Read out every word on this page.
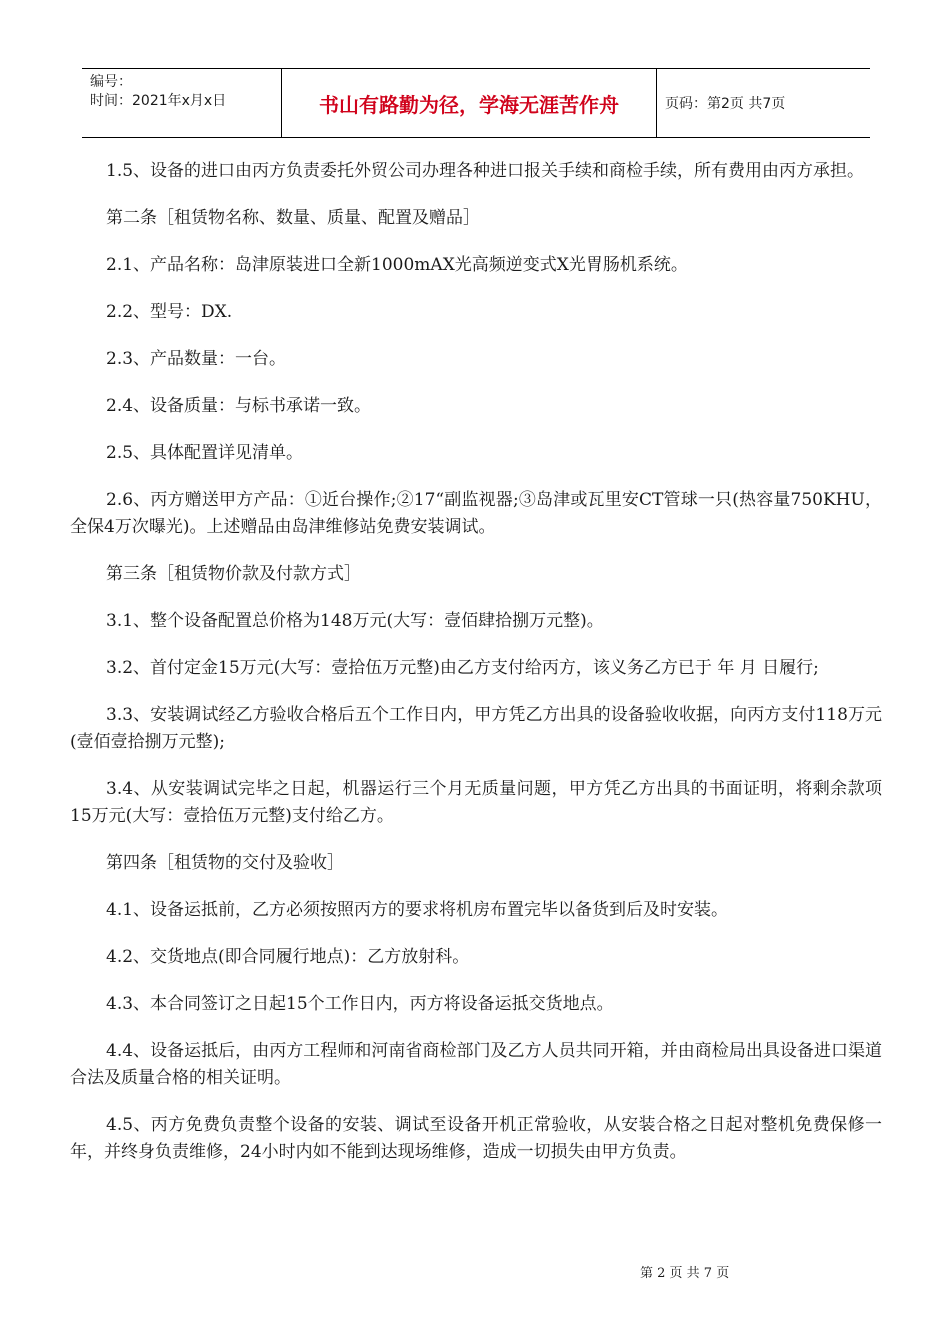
编号：
时间：2021年x月x日	书山有路勤为径，学海无涯苦作舟	页码：第2页 共7页

1.5、设备的进口由丙方负责委托外贸公司办理各种进口报关手续和商检手续，所有费用由丙方承担。

第二条［租赁物名称、数量、质量、配置及赠品］

2.1、产品名称：岛津原装进口全新1000mAX光高频逆变式X光胃肠机系统。

2.2、型号：DX.

2.3、产品数量：一台。

2.4、设备质量：与标书承诺一致。

2.5、具体配置详见清单。

2.6、丙方赠送甲方产品：①近台操作;②17“副监视器;③岛津或瓦里安CT管球一只(热容量750KHU，全保4万次曝光)。上述赠品由岛津维修站免费安装调试。

第三条［租赁物价款及付款方式］

3.1、整个设备配置总价格为148万元(大写：壹佰肆拾捌万元整)。

3.2、首付定金15万元(大写：壹拾伍万元整)由乙方支付给丙方，该义务乙方已于 年 月 日履行;

3.3、安装调试经乙方验收合格后五个工作日内，甲方凭乙方出具的设备验收收据，向丙方支付118万元(壹佰壹拾捌万元整);

3.4、从安装调试完毕之日起，机器运行三个月无质量问题，甲方凭乙方出具的书面证明，将剩余款项15万元(大写：壹拾伍万元整)支付给乙方。

第四条［租赁物的交付及验收］

4.1、设备运抵前，乙方必须按照丙方的要求将机房布置完毕以备货到后及时安装。

4.2、交货地点(即合同履行地点)：乙方放射科。

4.3、本合同签订之日起15个工作日内，丙方将设备运抵交货地点。

4.4、设备运抵后，由丙方工程师和河南省商检部门及乙方人员共同开箱，并由商检局出具设备进口渠道合法及质量合格的相关证明。

4.5、丙方免费负责整个设备的安装、调试至设备开机正常验收，从安装合格之日起对整机免费保修一年，并终身负责维修，24小时内如不能到达现场维修，造成一切损失由甲方负责。

第 2 页 共 7 页
